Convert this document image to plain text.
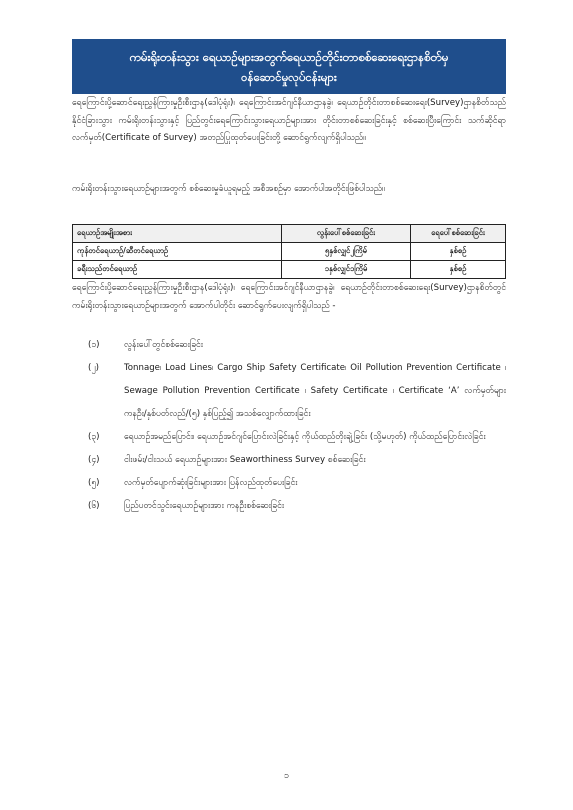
ကမ်းရိုးတန်းသွား ရေယာဉ်များအတွက်ရေယာဉ်တိုင်းတာစစ်ဆေးရေးဌာနစိတ်မှ
ဝန်ဆောင်မှုလုပ်ငန်းများ
ရေကြောင်းပို့ဆောင်ရေးညွှန်ကြားမှုဦးစီးဌာန(ဒေါပုံရုံး)၊ ရေကြောင်းအင်ဂျင်နီယာဌာနခွဲ၊ ရေယာဉ်တိုင်းတာစစ်ဆေးရေး(Survey)ဌာနစိတ်သည် နိုင်ငံခြားသွား ကမ်းရိုးတန်းသွားနှင့် ပြည်တွင်းရေကြောင်းသွားရေယာဉ်များအား တိုင်းတာစစ်ဆေးခြင်းနှင့် စစ်ဆေးပြီးကြောင်း သက်ဆိုင်ရာလက်မှတ်(Certificate of Survey) အတည်ပြုထုတ်ပေးခြင်းတို့ ဆောင်ရွက်လျက်ရှိပါသည်။
ကမ်းရိုးတန်းသွားရေယာဉ်များအတွက် စစ်ဆေးမှုခံယူရမည့် အစီအစဉ်မှာ အောက်ပါအတိုင်းဖြစ်ပါသည်။
ရေယာဉ်အမျိုးအစား	လွန်းပေါ်စစ်ဆေးခြင်း	ရေပေါ်စစ်ဆေးခြင်း
ကုန်တင်ရေယာဉ်/ဆီတင်ရေယာဉ်	၅နှစ်လျှင်၂ကြိမ်	နှစ်စဉ်
ခရီးသည်တင်ရေယာဉ်	၁နှစ်လျှင်၁ကြိမ်	နှစ်စဉ်
ရေကြောင်းပို့ဆောင်ရေးညွှန်ကြားမှုဦးစီးဌာန(ဒေါပုံရုံး)၊ ရေကြောင်းအင်ဂျင်နီယာဌာနခွဲ၊ ရေယာဉ်တိုင်းတာစစ်ဆေးရေး(Survey)ဌာနစိတ်တွင် ကမ်းရိုးတန်းသွားရေယာဉ်များအတွက် အောက်ပါတိုင်း ဆောင်ရွက်ပေးလျက်ရှိပါသည် -
(၁)	လွန်းပေါ်တွင်စစ်ဆေးခြင်း
(၂)	Tonnage၊ Load Lines၊ Cargo Ship Safety Certificate၊ Oil Pollution Prevention Certificate ၊ Sewage Pollution Prevention Certificate ၊ Safety Certificate ၊ Certificate ‘A’ လက်မှတ်များ ကနဦး/နှစ်ပတ်လည်/(၅) နှစ်ပြည့်၍ အသစ်လျှောက်ထားခြင်း
(၃)	ရေယာဉ်အမည်ပြောင်း၊ ရေယာဉ်အင်ဂျင်ပြောင်းလဲခြင်းနှင့် ကိုယ်ထည်တိုးချဲ့ခြင်း (သို့မဟုတ်) ကိုယ်ထည်ပြောင်းလဲခြင်း
(၄)	ငါးဖမ်း/ငါးသယ် ရေယာဉ်များအား Seaworthiness Survey စစ်ဆေးခြင်း
(၅)	လက်မှတ်ပျောက်ဆုံးခြင်းများအား ပြန်လည်ထုတ်ပေးခြင်း
(၆)	ပြည်ပတင်သွင်းရေယာဉ်များအား ကနဦးစစ်ဆေးခြင်း
၁
